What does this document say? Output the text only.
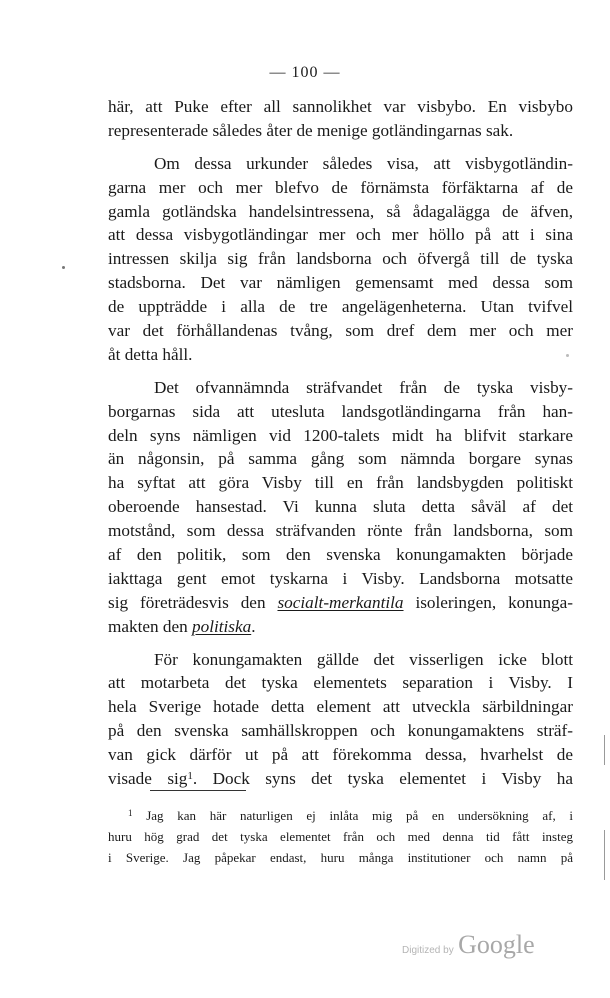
— 100 —
här, att Puke efter all sannolikhet var visbybo. En visbybo
representerade således åter de menige gotländingarnas sak.
Om dessa urkunder således visa, att visbygotländin-
garna mer och mer blefvo de förnämsta förfäktarna af de
gamla gotländska handelsintressena, så ådagalägga de äfven,
att dessa visbygotländingar mer och mer höllo på att i sina
intressen skilja sig från landsborna och öfvergå till de tyska
stadsborna. Det var nämligen gemensamt med dessa som
de uppträdde i alla de tre angelägenheterna. Utan tvifvel
var det förhållandenas tvång, som dref dem mer och mer
åt detta håll.
Det ofvannämnda sträfvandet från de tyska visby-
borgarnas sida att utesluta landsgotländingarna från han-
deln syns nämligen vid 1200-talets midt ha blifvit starkare
än någonsin, på samma gång som nämnda borgare synas
ha syftat att göra Visby till en från landsbygden politiskt
oberoende hansestad. Vi kunna sluta detta såväl af det
motstånd, som dessa sträfvanden rönte från landsborna, som
af den politik, som den svenska konungamakten började
iakttaga gent emot tyskarna i Visby. Landsborna motsatte
sig företrädesvis den socialt-merkantila isoleringen, konunga-
makten den politiska.
För konungamakten gällde det visserligen icke blott
att motarbeta det tyska elementets separation i Visby. I
hela Sverige hotade detta element att utveckla särbildningar
på den svenska samhällskroppen och konungamaktens sträf-
van gick därför ut på att förekomma dessa, hvarhelst de
visade sig$^1$. Dock syns det tyska elementet i Visby ha
$^1$ Jag kan här naturligen ej inlåta mig på en undersökning af, i
huru hög grad det tyska elementet från och med denna tid fått insteg
i Sverige. Jag påpekar endast, huru många institutioner och namn på
Digitized by Google
